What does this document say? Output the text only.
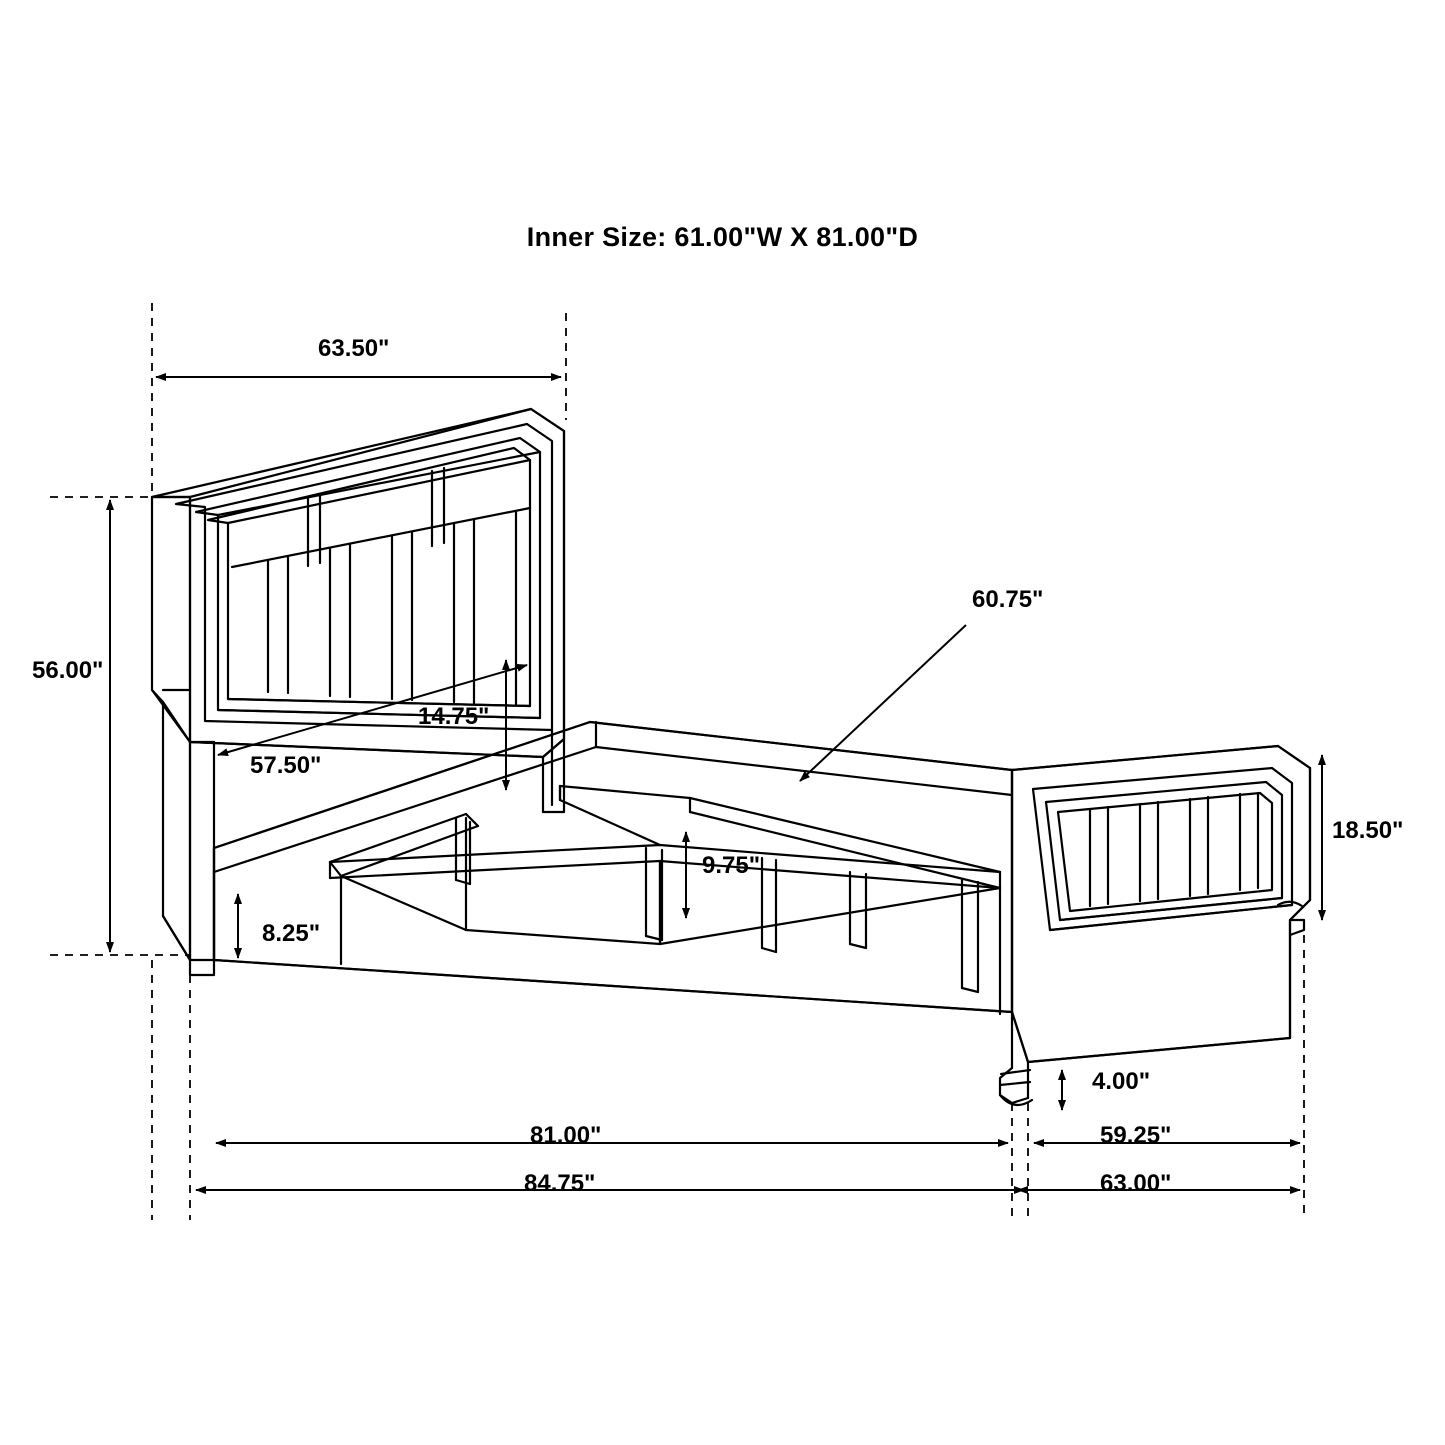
Inner Size: 61.00"W X 81.00"D
63.50"
56.00"
57.50"
14.75"
60.75"
9.75"
8.25"
18.50"
4.00"
81.00"
84.75"
59.25"
63.00"
